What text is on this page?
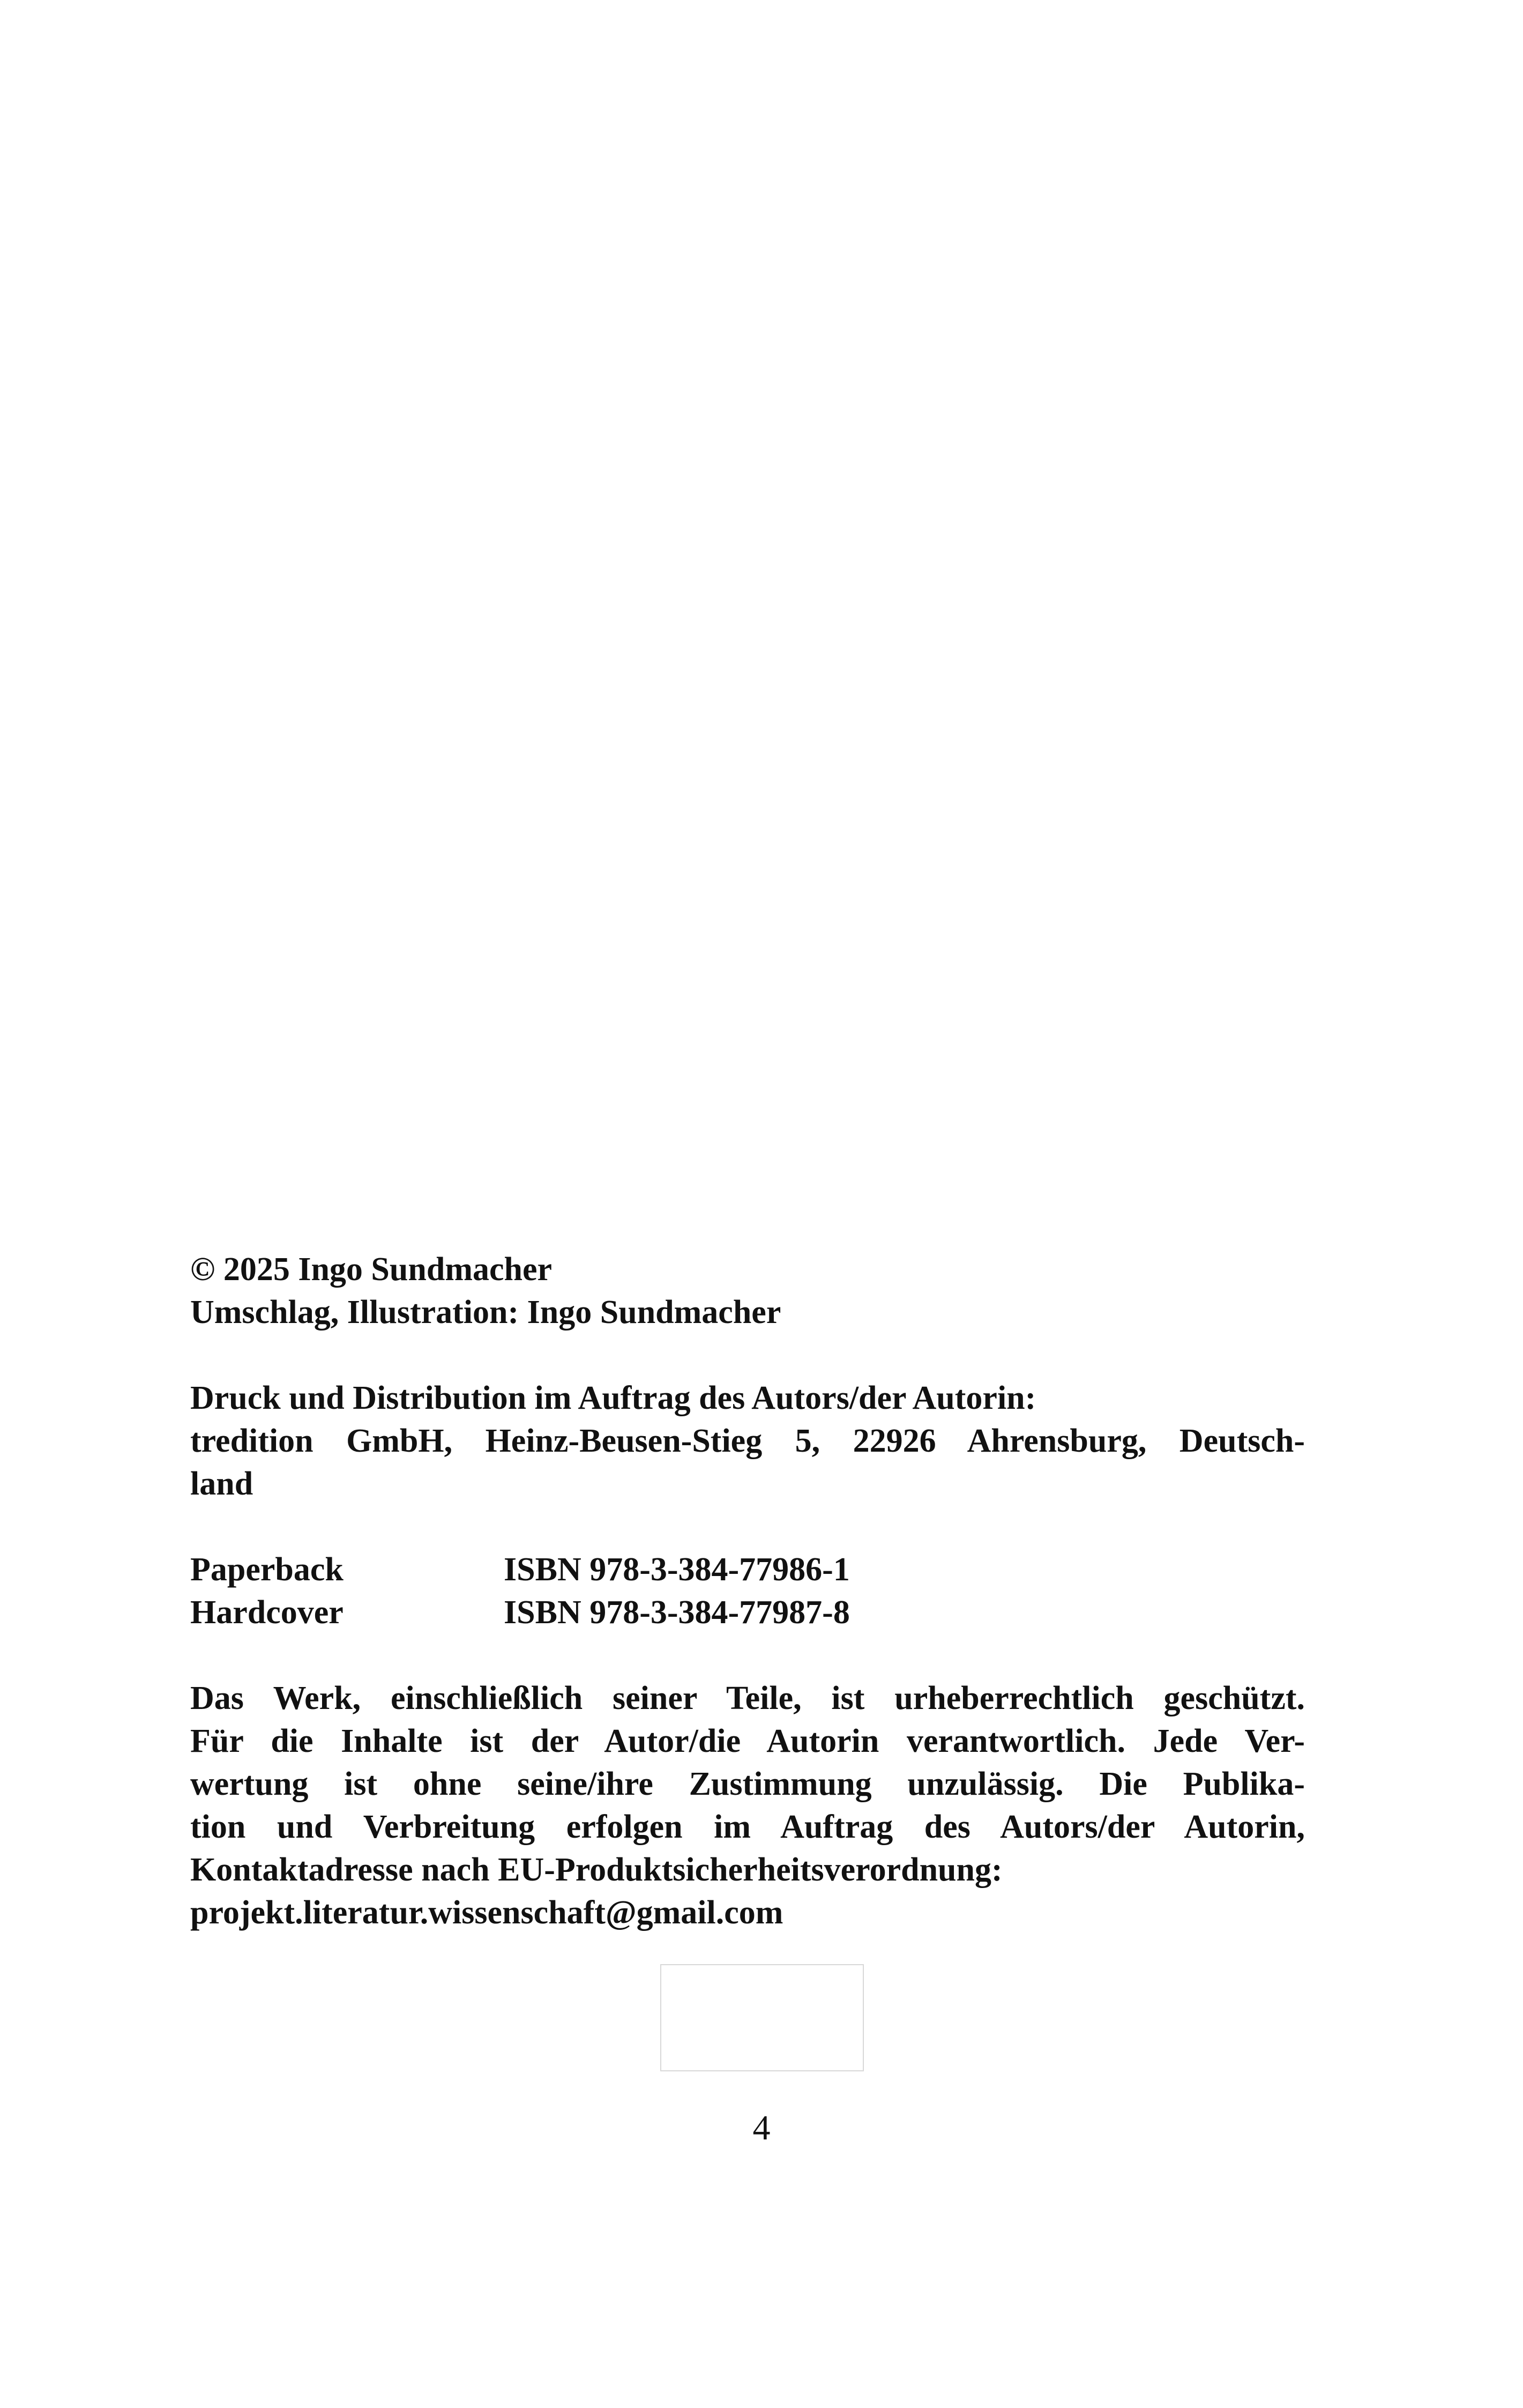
© 2025 Ingo Sundmacher
Umschlag, Illustration: Ingo Sundmacher
Druck und Distribution im Auftrag des Autors/der Autorin:
tredition GmbH, Heinz-Beusen-Stieg 5, 22926 Ahrensburg, Deutsch-
land
Paperback	ISBN 978-3-384-77986-1
Hardcover	ISBN 978-3-384-77987-8
Das Werk, einschließlich seiner Teile, ist urheberrechtlich geschützt.
Für die Inhalte ist der Autor/die Autorin verantwortlich. Jede Ver-
wertung ist ohne seine/ihre Zustimmung unzulässig. Die Publika-
tion und Verbreitung erfolgen im Auftrag des Autors/der Autorin,
Kontaktadresse nach EU-Produktsicherheitsverordnung:
projekt.literatur.wissenschaft@gmail.com
4
